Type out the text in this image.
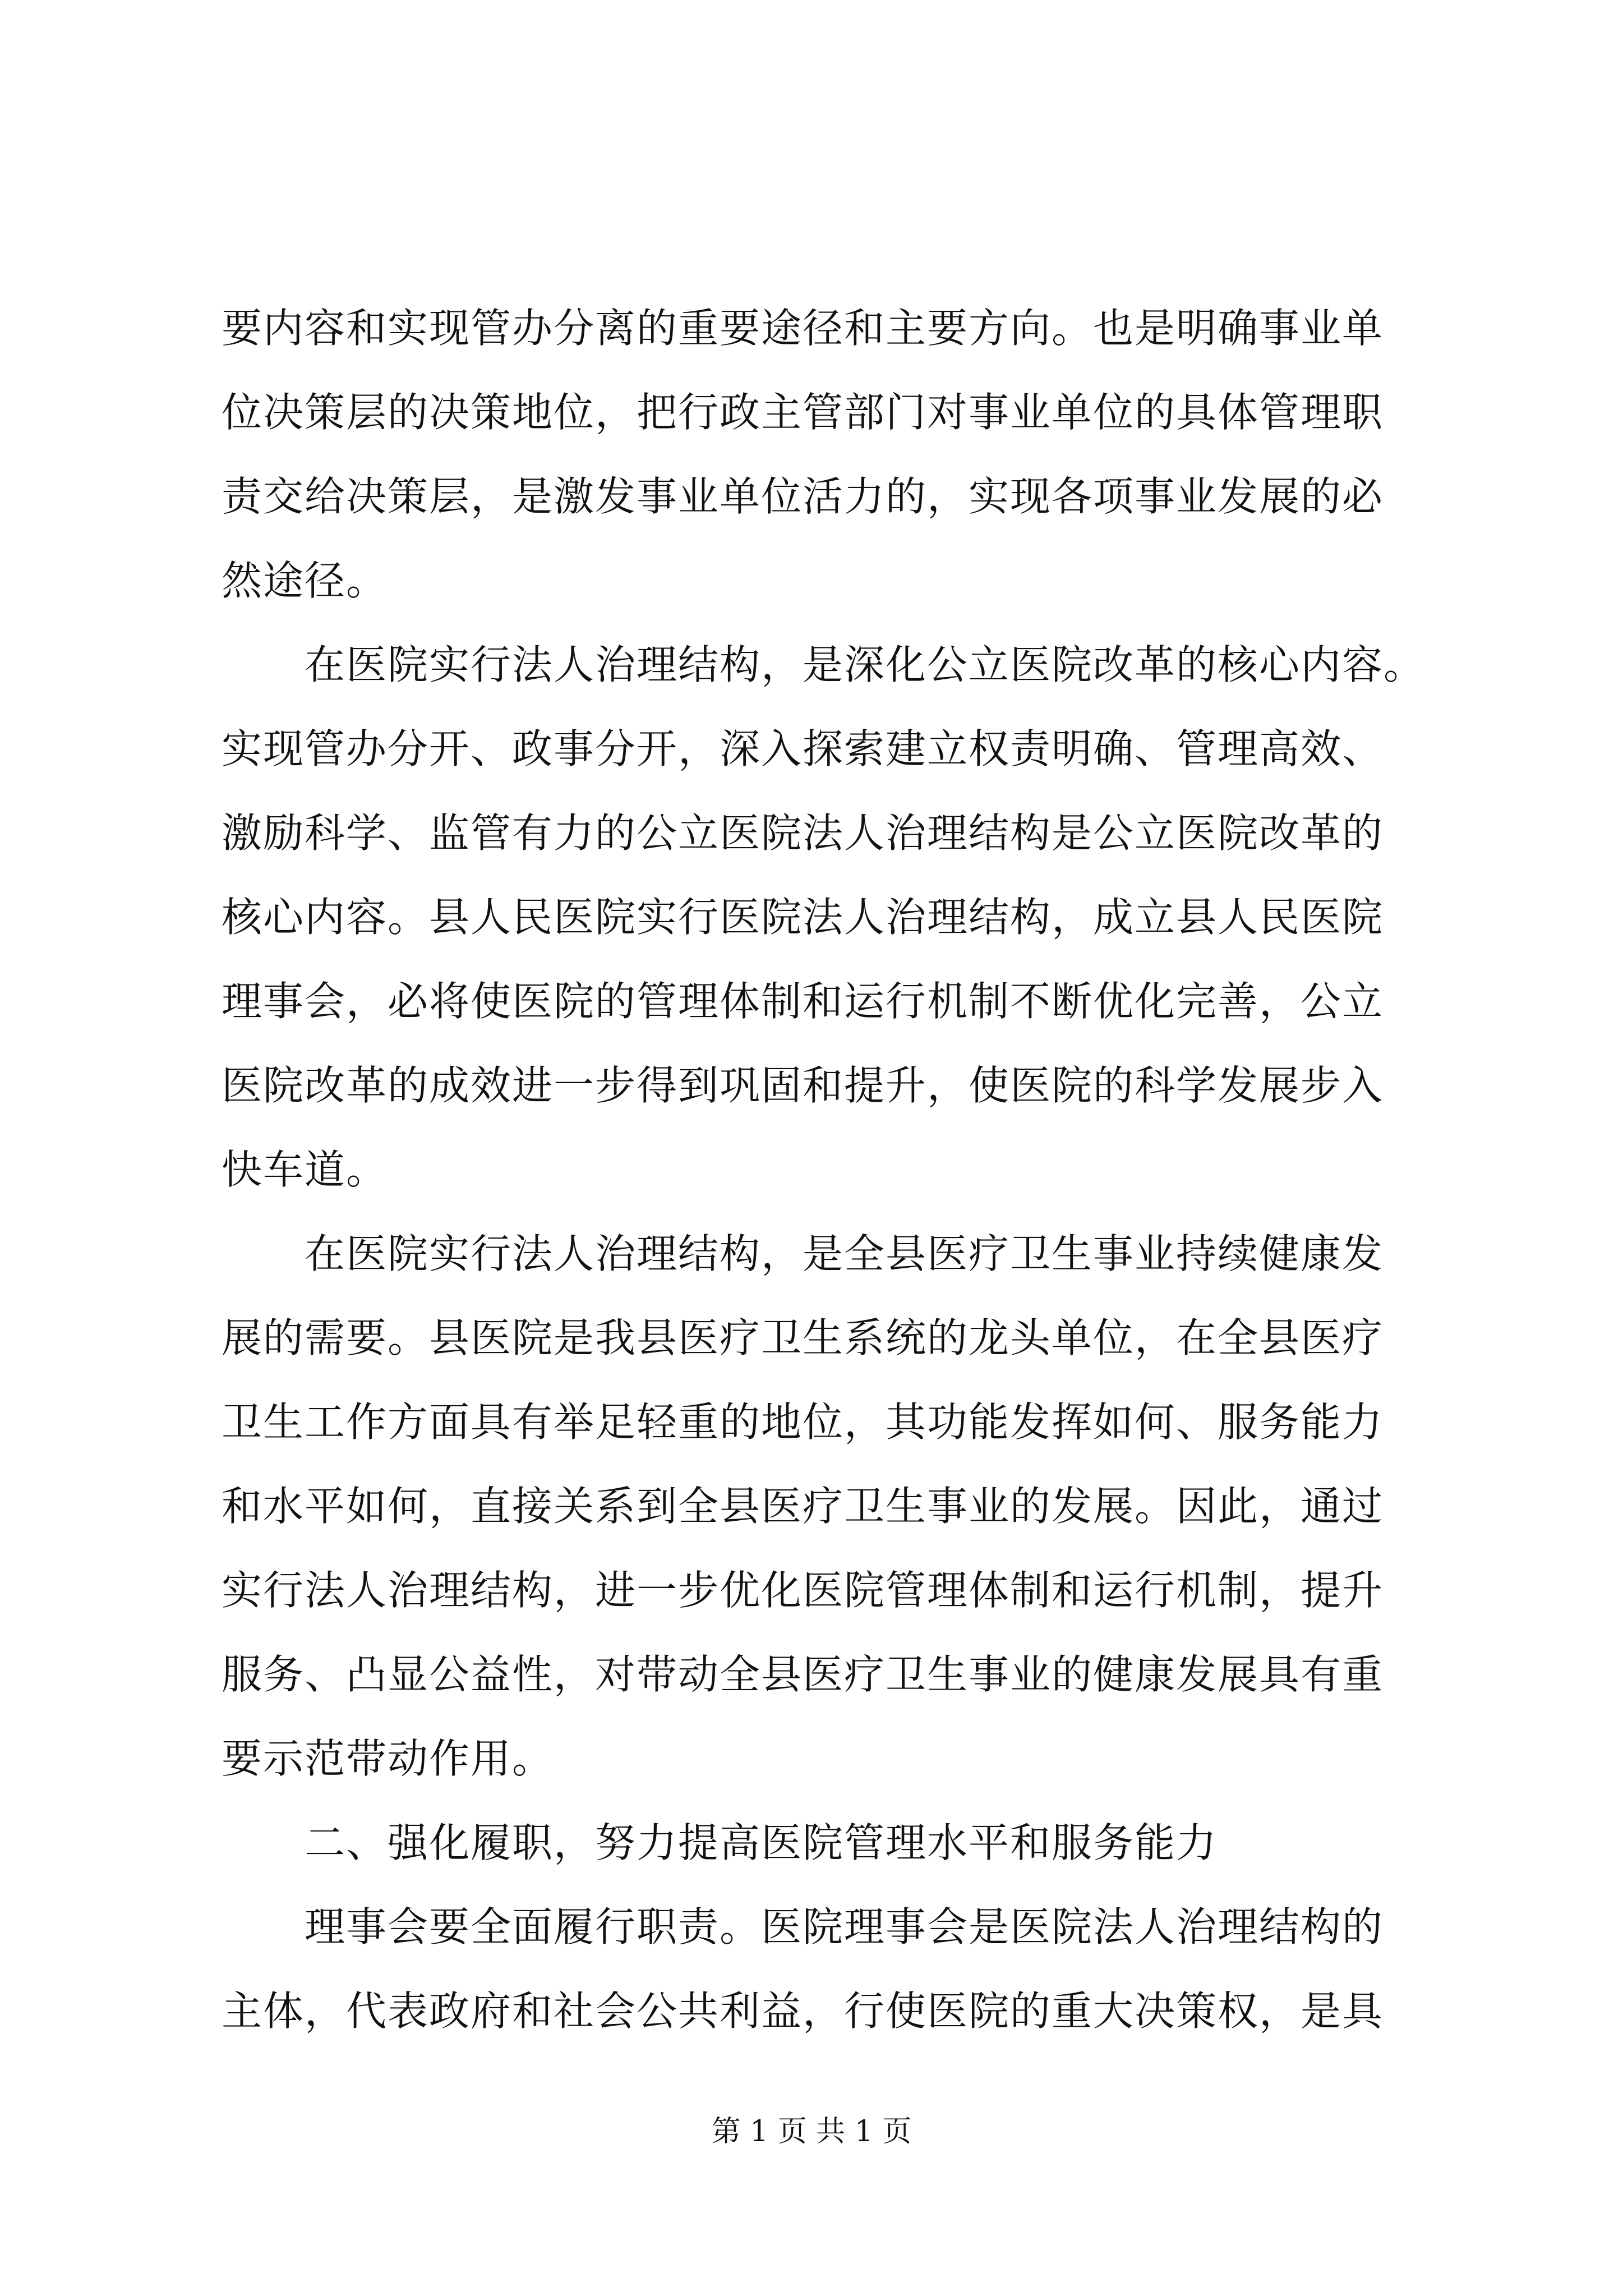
要内容和实现管办分离的重要途径和主要方向。也是明确事业单
位决策层的决策地位，把行政主管部门对事业单位的具体管理职
责交给决策层，是激发事业单位活力的，实现各项事业发展的必
然途径。
　　在医院实行法人治理结构，是深化公立医院改革的核心内容。
实现管办分开、政事分开，深入探索建立权责明确、管理高效、
激励科学、监管有力的公立医院法人治理结构是公立医院改革的
核心内容。县人民医院实行医院法人治理结构，成立县人民医院
理事会，必将使医院的管理体制和运行机制不断优化完善，公立
医院改革的成效进一步得到巩固和提升，使医院的科学发展步入
快车道。
　　在医院实行法人治理结构，是全县医疗卫生事业持续健康发
展的需要。县医院是我县医疗卫生系统的龙头单位，在全县医疗
卫生工作方面具有举足轻重的地位，其功能发挥如何、服务能力
和水平如何，直接关系到全县医疗卫生事业的发展。因此，通过
实行法人治理结构，进一步优化医院管理体制和运行机制，提升
服务、凸显公益性，对带动全县医疗卫生事业的健康发展具有重
要示范带动作用。
　　二、强化履职，努力提高医院管理水平和服务能力
　　理事会要全面履行职责。医院理事会是医院法人治理结构的
主体，代表政府和社会公共利益，行使医院的重大决策权，是具
第 1 页 共 1 页
